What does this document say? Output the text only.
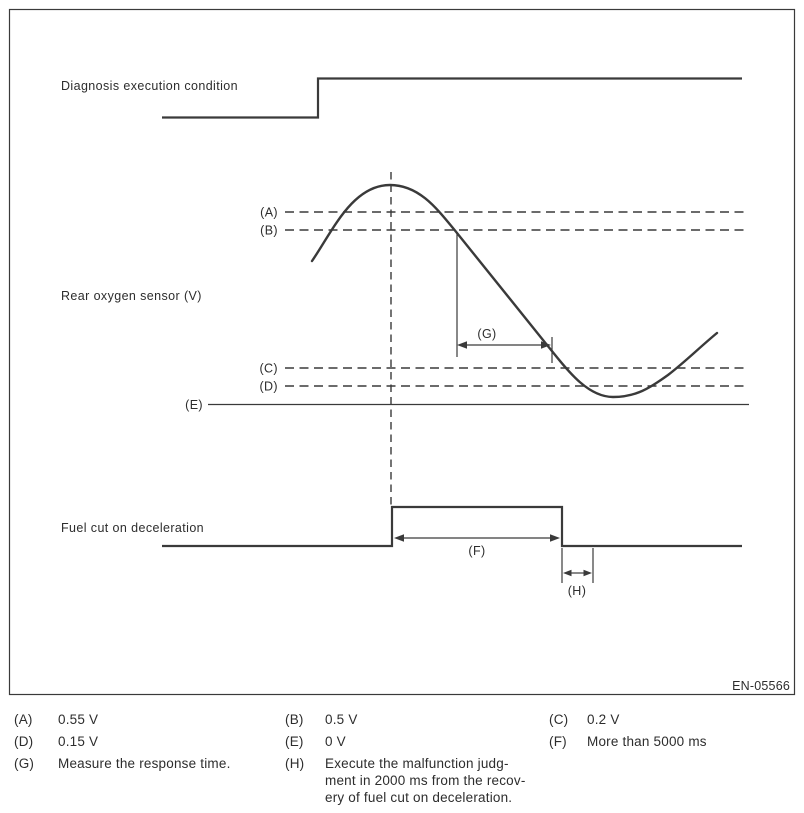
Diagnosis execution condition
Rear oxygen sensor (V)
(A)
(B)
(C)
(D)
(E)
(G)
Fuel cut on deceleration
(F)
(H)
EN-05566
(A)	0.55 V	(B)	0.5 V	(C)	0.2 V
(D)	0.15 V	(E)	0 V	(F)	More than 5000 ms
(G)	Measure the response time.	(H)	Execute the malfunction judg-
ment in 2000 ms from the recov-
ery of fuel cut on deceleration.
